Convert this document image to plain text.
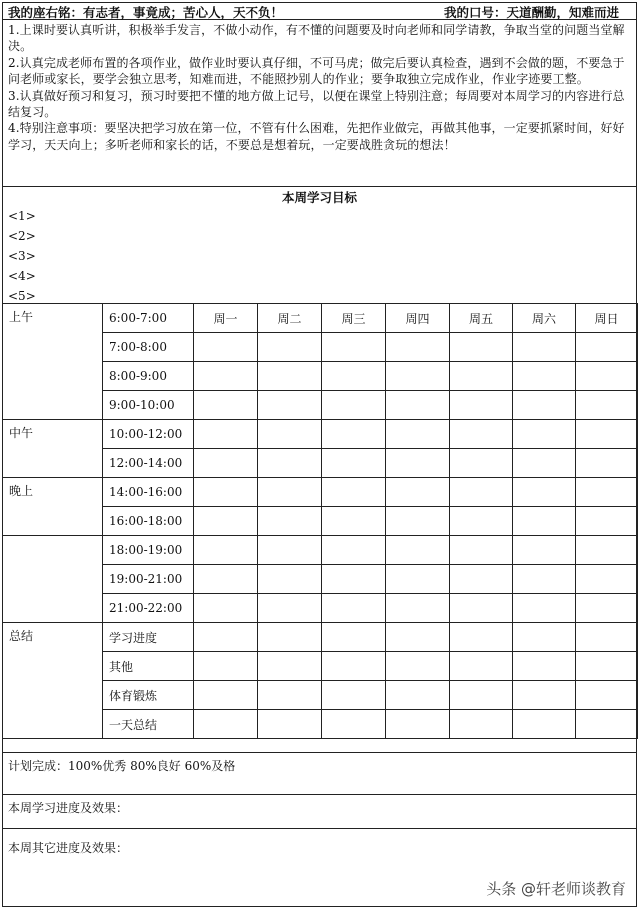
我的座右铭：有志者，事竟成；苦心人，天不负！	我的口号：天道酬勤，知难而进

1.上课时要认真听讲，积极举手发言，不做小动作，有不懂的问题要及时向老师和同学请教，争取当堂的问题当堂解决。

2.认真完成老师布置的各项作业，做作业时要认真仔细，不可马虎；做完后要认真检查，遇到不会做的题，不要急于问老师或家长，要学会独立思考，知难而进，不能照抄别人的作业；要争取独立完成作业，作业字迹要工整。

3.认真做好预习和复习，预习时要把不懂的地方做上记号，以便在课堂上特别注意；每周要对本周学习的内容进行总结复习。

4.特别注意事项：要坚决把学习放在第一位，不管有什么困难，先把作业做完，再做其他事，一定要抓紧时间，好好学习，天天向上；多听老师和家长的话，不要总是想着玩，一定要战胜贪玩的想法！

本周学习目标
<1>
<2>
<3>
<4>
<5>
上午	6:00-7:00	周一	周二	周三	周四	周五	周六	周日
	7:00-8:00							
	8:00-9:00							
	9:00-10:00							
中午	10:00-12:00							
	12:00-14:00							
晚上	14:00-16:00							
	16:00-18:00							
	18:00-19:00							
	19:00-21:00							
	21:00-22:00							
总结	学习进度							
	其他							
	体育锻炼							
	一天总结							
计划完成：100%优秀 80%良好 60%及格
本周学习进度及效果：
本周其它进度及效果：
头条 @轩老师谈教育
